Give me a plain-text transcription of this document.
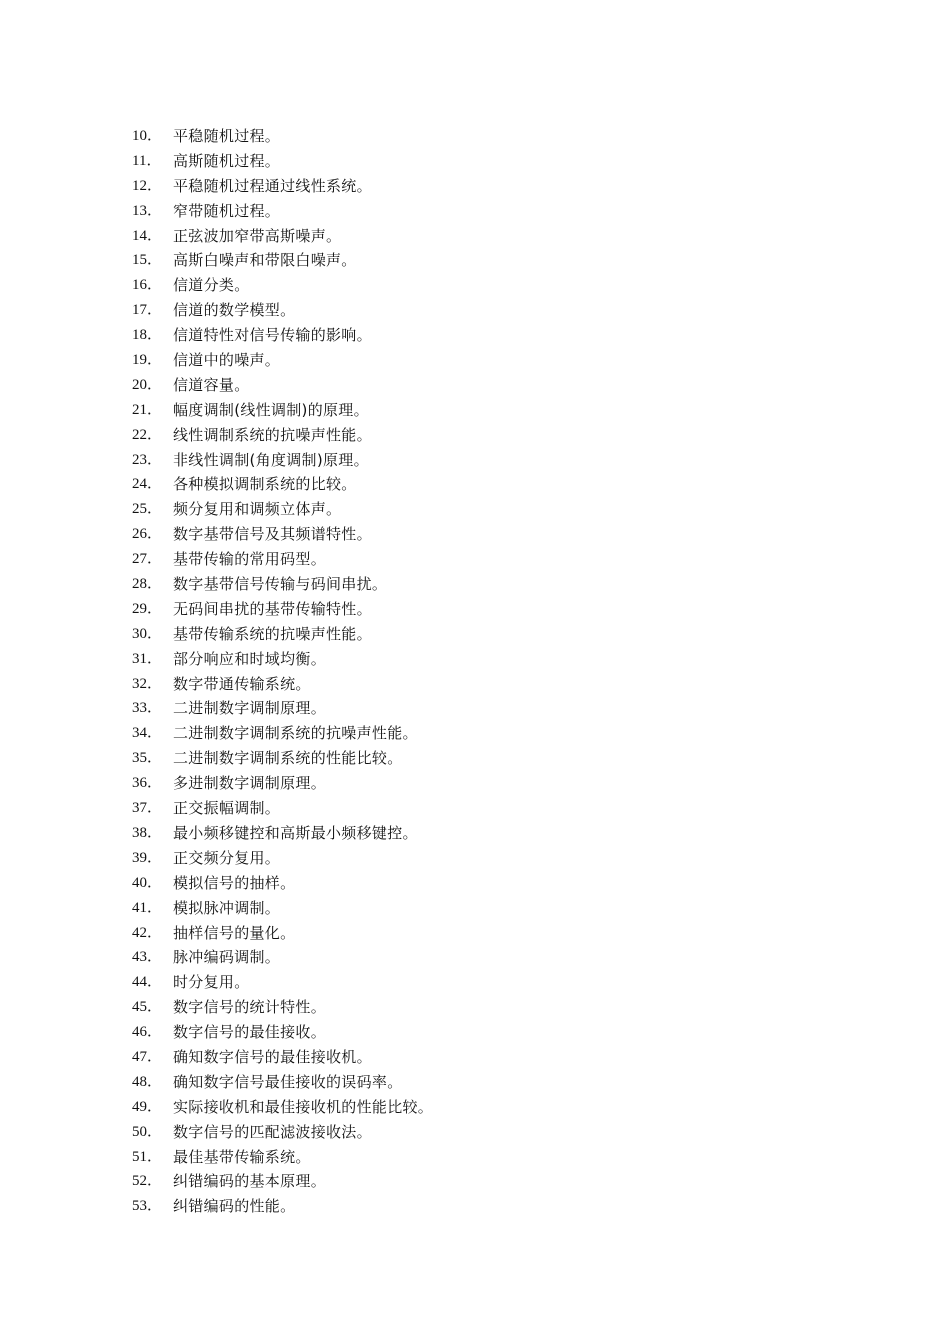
10． 平稳随机过程。
11． 高斯随机过程。
12． 平稳随机过程通过线性系统。
13． 窄带随机过程。
14． 正弦波加窄带高斯噪声。
15． 高斯白噪声和带限白噪声。
16． 信道分类。
17． 信道的数学模型。
18． 信道特性对信号传输的影响。
19． 信道中的噪声。
20． 信道容量。
21． 幅度调制(线性调制)的原理。
22． 线性调制系统的抗噪声性能。
23． 非线性调制(角度调制)原理。
24． 各种模拟调制系统的比较。
25． 频分复用和调频立体声。
26． 数字基带信号及其频谱特性。
27． 基带传输的常用码型。
28． 数字基带信号传输与码间串扰。
29． 无码间串扰的基带传输特性。
30． 基带传输系统的抗噪声性能。
31． 部分响应和时域均衡。
32． 数字带通传输系统。
33． 二进制数字调制原理。
34． 二进制数字调制系统的抗噪声性能。
35． 二进制数字调制系统的性能比较。
36． 多进制数字调制原理。
37． 正交振幅调制。
38． 最小频移键控和高斯最小频移键控。
39． 正交频分复用。
40． 模拟信号的抽样。
41． 模拟脉冲调制。
42． 抽样信号的量化。
43． 脉冲编码调制。
44． 时分复用。
45． 数字信号的统计特性。
46． 数字信号的最佳接收。
47． 确知数字信号的最佳接收机。
48． 确知数字信号最佳接收的误码率。
49． 实际接收机和最佳接收机的性能比较。
50． 数字信号的匹配滤波接收法。
51． 最佳基带传输系统。
52． 纠错编码的基本原理。
53． 纠错编码的性能。
